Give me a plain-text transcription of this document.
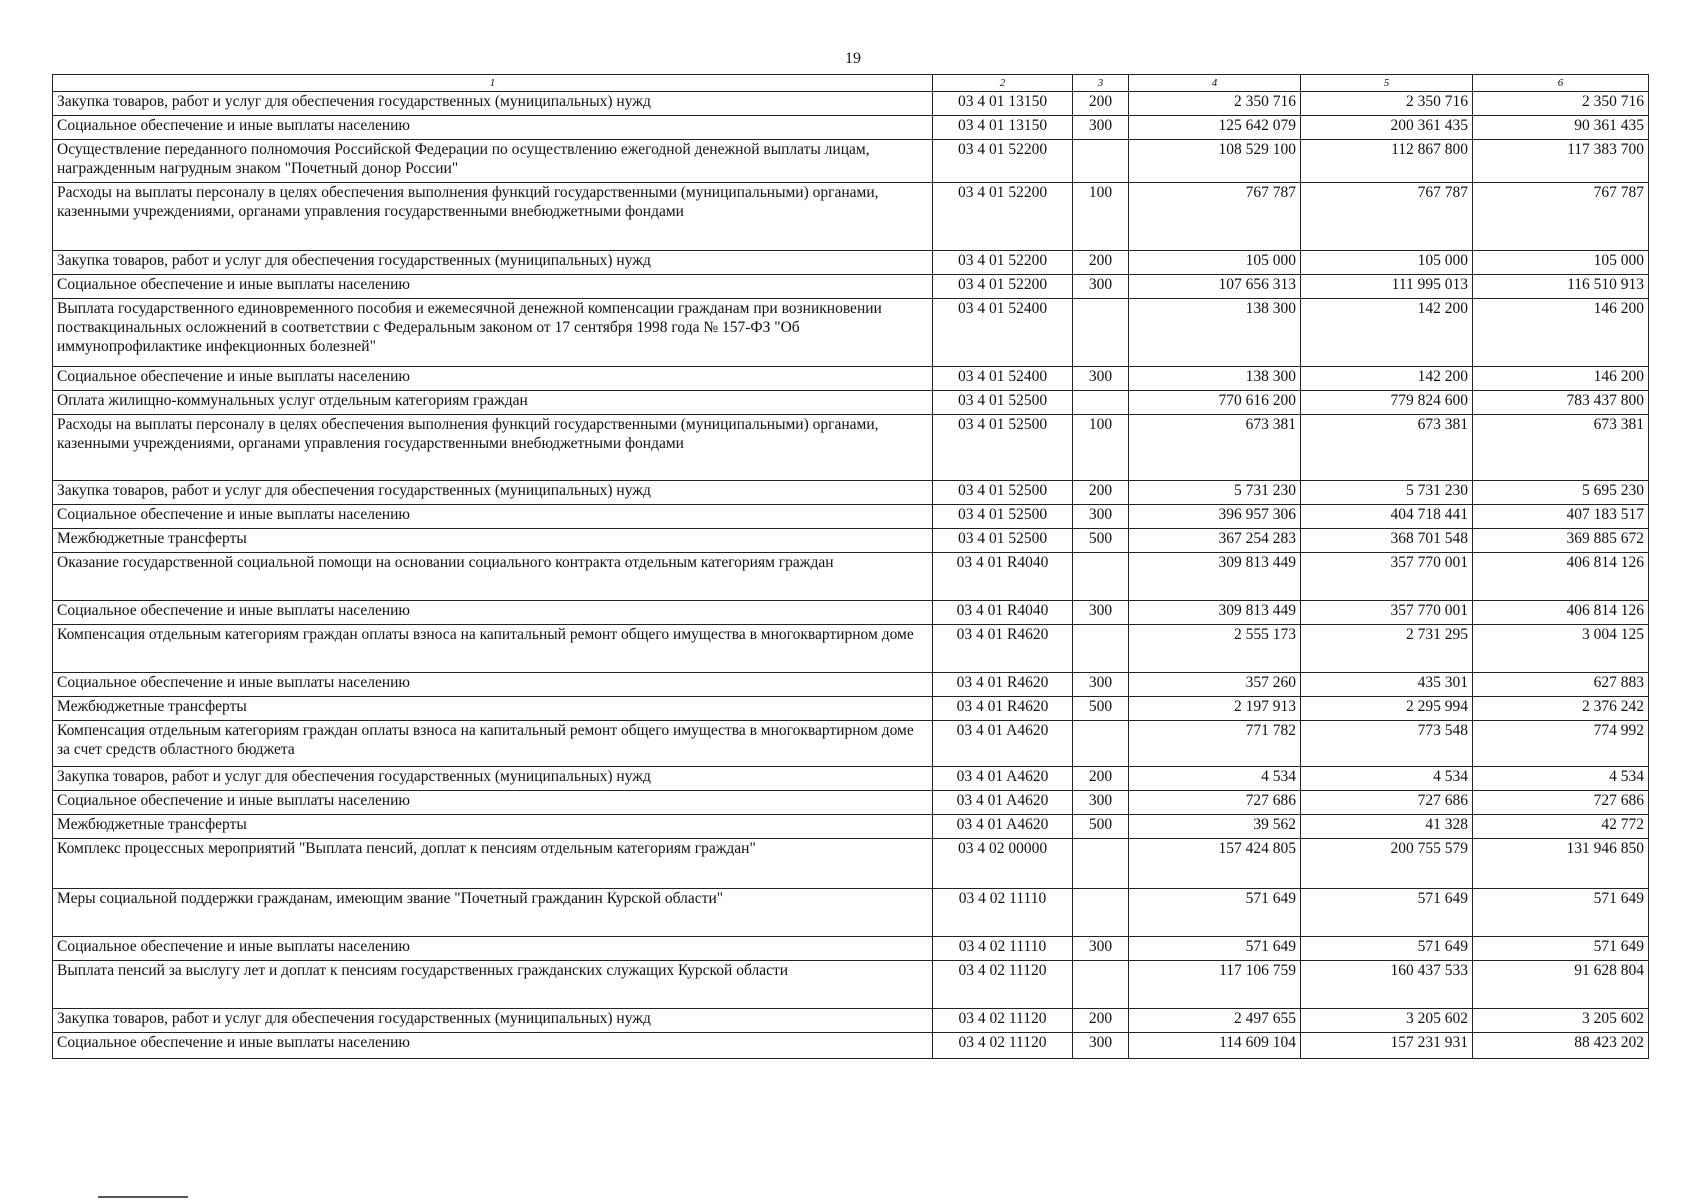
19
1	2	3	4	5	6
Закупка товаров, работ и услуг для обеспечения государственных (муниципальных) нужд	03 4 01 13150	200	2 350 716	2 350 716	2 350 716
Социальное обеспечение и иные выплаты населению	03 4 01 13150	300	125 642 079	200 361 435	90 361 435
Осуществление переданного полномочия Российской Федерации по осуществлению ежегодной денежной выплаты лицам, награжденным нагрудным знаком "Почетный донор России"	03 4 01 52200		108 529 100	112 867 800	117 383 700
Расходы на выплаты персоналу в целях обеспечения выполнения функций государственными (муниципальными) органами, казенными учреждениями, органами управления государственными внебюджетными фондами	03 4 01 52200	100	767 787	767 787	767 787
Закупка товаров, работ и услуг для обеспечения государственных (муниципальных) нужд	03 4 01 52200	200	105 000	105 000	105 000
Социальное обеспечение и иные выплаты населению	03 4 01 52200	300	107 656 313	111 995 013	116 510 913
Выплата государственного единовременного пособия и ежемесячной денежной компенсации гражданам при возникновении поствакцинальных осложнений в соответствии с Федеральным законом от 17 сентября 1998 года № 157-ФЗ "Об иммунопрофилактике инфекционных болезней"	03 4 01 52400		138 300	142 200	146 200
Социальное обеспечение и иные выплаты населению	03 4 01 52400	300	138 300	142 200	146 200
Оплата жилищно-коммунальных услуг отдельным категориям граждан	03 4 01 52500		770 616 200	779 824 600	783 437 800
Расходы на выплаты персоналу в целях обеспечения выполнения функций государственными (муниципальными) органами, казенными учреждениями, органами управления государственными внебюджетными фондами	03 4 01 52500	100	673 381	673 381	673 381
Закупка товаров, работ и услуг для обеспечения государственных (муниципальных) нужд	03 4 01 52500	200	5 731 230	5 731 230	5 695 230
Социальное обеспечение и иные выплаты населению	03 4 01 52500	300	396 957 306	404 718 441	407 183 517
Межбюджетные трансферты	03 4 01 52500	500	367 254 283	368 701 548	369 885 672
Оказание государственной социальной помощи на основании социального контракта отдельным категориям граждан	03 4 01 R4040		309 813 449	357 770 001	406 814 126
Социальное обеспечение и иные выплаты населению	03 4 01 R4040	300	309 813 449	357 770 001	406 814 126
Компенсация отдельным категориям граждан оплаты взноса на капитальный ремонт общего имущества в многоквартирном доме	03 4 01 R4620		2 555 173	2 731 295	3 004 125
Социальное обеспечение и иные выплаты населению	03 4 01 R4620	300	357 260	435 301	627 883
Межбюджетные трансферты	03 4 01 R4620	500	2 197 913	2 295 994	2 376 242
Компенсация отдельным категориям граждан оплаты взноса на капитальный ремонт общего имущества в многоквартирном доме за счет средств областного бюджета	03 4 01 A4620		771 782	773 548	774 992
Закупка товаров, работ и услуг для обеспечения государственных (муниципальных) нужд	03 4 01 A4620	200	4 534	4 534	4 534
Социальное обеспечение и иные выплаты населению	03 4 01 A4620	300	727 686	727 686	727 686
Межбюджетные трансферты	03 4 01 A4620	500	39 562	41 328	42 772
Комплекс процессных мероприятий "Выплата пенсий, доплат к пенсиям отдельным категориям граждан"	03 4 02 00000		157 424 805	200 755 579	131 946 850
Меры социальной поддержки гражданам, имеющим звание "Почетный гражданин Курской области"	03 4 02 11110		571 649	571 649	571 649
Социальное обеспечение и иные выплаты населению	03 4 02 11110	300	571 649	571 649	571 649
Выплата пенсий за выслугу лет и доплат к пенсиям государственных гражданских служащих Курской области	03 4 02 11120		117 106 759	160 437 533	91 628 804
Закупка товаров, работ и услуг для обеспечения государственных (муниципальных) нужд	03 4 02 11120	200	2 497 655	3 205 602	3 205 602
Социальное обеспечение и иные выплаты населению	03 4 02 11120	300	114 609 104	157 231 931	88 423 202
